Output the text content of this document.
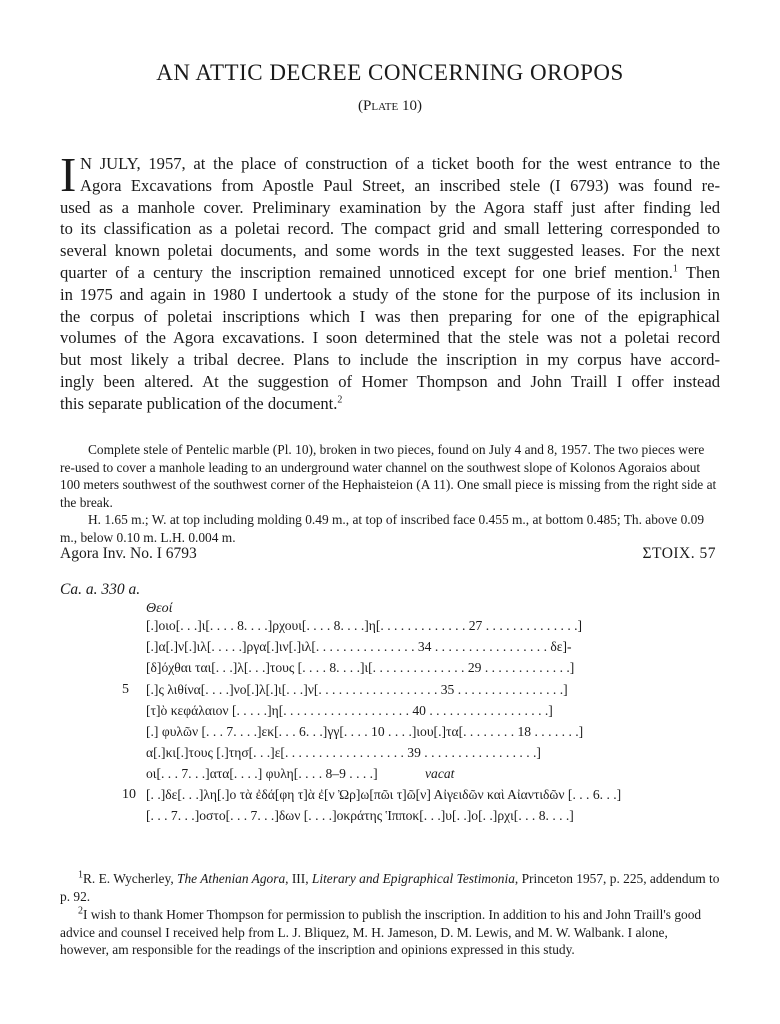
AN ATTIC DECREE CONCERNING OROPOS
(Plate 10)
I N JULY, 1957, at the place of construction of a ticket booth for the west entrance to the
Agora Excavations from Apostle Paul Street, an inscribed stele (I 6793) was found re-
used as a manhole cover. Preliminary examination by the Agora staff just after finding led
to its classification as a poletai record. The compact grid and small lettering corresponded to
several known poletai documents, and some words in the text suggested leases. For the next
quarter of a century the inscription remained unnoticed except for one brief mention.$^1$ Then
in 1975 and again in 1980 I undertook a study of the stone for the purpose of its inclusion in
the corpus of poletai inscriptions which I was then preparing for one of the epigraphical
volumes of the Agora excavations. I soon determined that the stele was not a poletai record
but most likely a tribal decree. Plans to include the inscription in my corpus have accord-
ingly been altered. At the suggestion of Homer Thompson and John Traill I offer instead
this separate publication of the document.$^2$

Complete stele of Pentelic marble (Pl. 10), broken in two pieces, found on July 4 and 8, 1957. The two pieces were re-used to cover a manhole leading to an underground water channel on the southwest slope of Kolonos Agoraios about 100 meters southwest of the southwest corner of the Hephaisteion (A 11). One small piece is missing from the right side at the break.

H. 1.65 m.; W. at top including molding 0.49 m., at top of inscribed face 0.455 m., at bottom 0.485; Th. above 0.09 m., below 0.10 m. L.H. 0.004 m.

Agora Inv. No. I 6793	ΣΤΟΙΧ. 57
Ca. a. 330 a.
Θεοί
[.]οιο[. . .]ι[. . . . 8. . . .]ρχουι[. . . . 8. . . .]η[. . . . . . . . . . . . . 27 . . . . . . . . . . . . . .]
[.]α[.]ν[.]ιλ[. . . . .]ργα[.]ιν[.]ιλ[. . . . . . . . . . . . . . . 34 . . . . . . . . . . . . . . . . . δε]-
[δ]όχθαι ται[. . .]λ[. . .]τους [. . . . 8. . . .]ι[. . . . . . . . . . . . . . 29 . . . . . . . . . . . . .]
5 [.]ς λιθίνα[. . . .]νο[.]λ[.]ι[. . .]ν[. . . . . . . . . . . . . . . . . . 35 . . . . . . . . . . . . . . . .]
[τ]ὸ κεφάλαιον [. . . . .]η[. . . . . . . . . . . . . . . . . . . 40 . . . . . . . . . . . . . . . . . .]
[.] φυλῶν [. . . 7. . . .]εκ[. . . 6. . .]γγ[. . . . 10 . . . .]ιου[.]τα[. . . . . . . . 18 . . . . . . .]
α[.]κι[.]τους [.]τησ[. . .]ε[. . . . . . . . . . . . . . . . . . 39 . . . . . . . . . . . . . . . . .]
οι[. . . 7. . .]ατα[. . . .] φυλη[. . . . 8–9 . . . .]	vacat
10 [. .]δε[. . .]λη[.]ο τὰ ἐδά[φη τ]ὰ ἐ[ν Ὠρ]ω[πῶι τ]ῶ[ν] Αἰγειδῶν καὶ Αἰαντιδῶν [. . . 6. . .]
[. . . 7. . .]οστο[. . . 7. . .]δων [. . . .]οκράτης Ἱπποκ[. . .]υ[. .]ο[. .]ρχι[. . . 8. . . .]

$^1$R. E. Wycherley, The Athenian Agora, III, Literary and Epigraphical Testimonia, Princeton 1957, p. 225, addendum to p. 92.

$^2$I wish to thank Homer Thompson for permission to publish the inscription. In addition to his and John Traill's good advice and counsel I received help from L. J. Bliquez, M. H. Jameson, D. M. Lewis, and M. W. Walbank. I alone, however, am responsible for the readings of the inscription and opinions expressed in this study.
